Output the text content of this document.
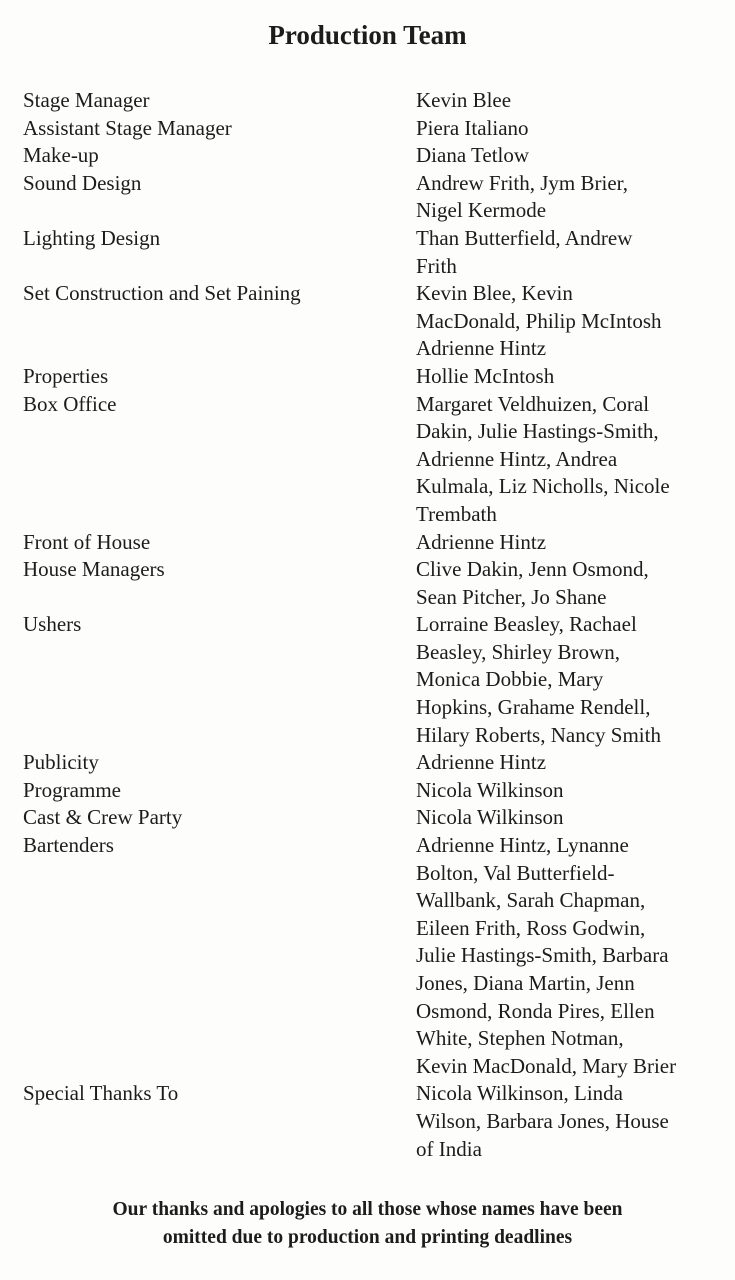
Production Team
Stage Manager	Kevin Blee
Assistant Stage Manager	Piera Italiano
Make-up	Diana Tetlow
Sound Design	Andrew Frith, Jym Brier,
Nigel Kermode
Lighting Design	Than Butterfield, Andrew
Frith
Set Construction and Set Paining	Kevin Blee, Kevin
MacDonald, Philip McIntosh
Adrienne Hintz
Properties	Hollie McIntosh
Box Office	Margaret Veldhuizen, Coral
Dakin, Julie Hastings-Smith,
Adrienne Hintz, Andrea
Kulmala, Liz Nicholls, Nicole
Trembath
Front of House	Adrienne Hintz
House Managers	Clive Dakin, Jenn Osmond,
Sean Pitcher, Jo Shane
Ushers	Lorraine Beasley, Rachael
Beasley, Shirley Brown,
Monica Dobbie, Mary
Hopkins, Grahame Rendell,
Hilary Roberts, Nancy Smith
Publicity	Adrienne Hintz
Programme	Nicola Wilkinson
Cast & Crew Party	Nicola Wilkinson
Bartenders	Adrienne Hintz, Lynanne
Bolton, Val Butterfield-
Wallbank, Sarah Chapman,
Eileen Frith, Ross Godwin,
Julie Hastings-Smith, Barbara
Jones, Diana Martin, Jenn
Osmond, Ronda Pires, Ellen
White, Stephen Notman,
Kevin MacDonald, Mary Brier
Special Thanks To	Nicola Wilkinson, Linda
Wilson, Barbara Jones, House
of India
Our thanks and apologies to all those whose names have been
omitted due to production and printing deadlines
